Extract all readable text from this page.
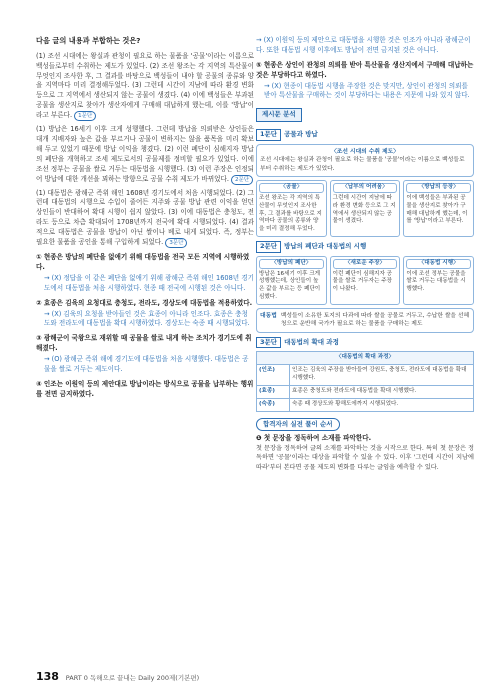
다음 글의 내용과 부합하는 것은?

(1) 조선 시대에는 왕실과 관청이 필요로 하는 물품을 '공물'이라는 이름으로 백성들로부터 수취하는 제도가 있었다. (2) 조선 왕조는 각 지역의 특산물이 무엇인지 조사한 후, 그 결과를 바탕으로 백성들이 내야 할 공물의 종류와 양을 지역마다 미리 결정해두었다. (3) 그런데 시간이 지남에 따라 환경 변화 등으로 그 지역에서 생산되지 않는 공물이 생겼다. (4) 이에 백성들은 부과된 공물을 생산지로 찾아가 생산자에게 구매해 대납하게 했는데, 이를 '방납'이라고 부른다. 1문단

(1) 방납은 16세기 이후 크게 성행했다. 그런데 방납을 의뢰받은 상인들은 대개 지배자와 높은 값을 부르거나 공물이 변하지는 않을 품목을 미리 확보해 두고 있었기 때문에 방납 이익을 챙겼다. (2) 이런 폐단이 심해지자 방납의 폐단을 개혁하고 조세 제도로서의 공물제를 정비할 필요가 있었다. 이에 조선 정부는 공물을 쌀로 거두는 대동법을 시행했다. (3) 이런 주장은 인정되어 방납에 대한 개선을 꾀하는 방향으로 공물 수취 제도가 바뀌었다. 2문단

(1) 대동법은 광해군 즉위 해인 1608년 경기도에서 처음 시행되었다. (2) 그런데 대동법의 시행으로 수입이 줄어든 지주와 공물 방납 관련 이익을 얻던 상인들이 반대하여 확대 시행이 쉽지 않았다. (3) 이에 대동법은 충청도, 전라도 등으로 차츰 확대되어 1708년까지 전국에 확대 시행되었다. (4) 결과적으로 대동법은 공물을 방납이 아닌 쌀이나 베로 내게 되었다. 즉, 정부는 필요한 물품을 공인을 통해 구입하게 되었다. 3문단

① 현종은 방납의 폐단을 없애기 위해 대동법을 전국 모든 지역에 시행하였다.
→ (X) 정답을 이 같은 폐단을 없애기 위해 광해군 즉위 해인 1608년 경기도에서 대동법을 처음 시행하였다. 현종 때 전국에 시행된 것은 아니다.
② 효종은 김육의 요청대로 충청도, 전라도, 경상도에 대동법을 적용하였다.
→ (X) 김육의 요청을 받아들인 것은 효종이 아니라 인조다. 효종은 충청도와 전라도에 대동법을 확대 시행하였다. 경상도는 숙종 때 시행되었다.
③ 광해군이 국왕으로 재위할 때 공물을 쌀로 내게 하는 조치가 경기도에 취해졌다.
→ (O) 광해군 즉위 해에 경기도에 대동법을 처음 시행했다. 대동법은 공물을 쌀로 거두는 제도이다.
④ 인조는 이원익 등의 제안대로 방납이라는 방식으로 공물을 납부하는 행위를 전면 금지하였다.
→ (X) 이원익 등의 제안으로 대동법을 시행한 것은 인조가 아니라 광해군이다. 또한 대동법 시행 이후에도 방납이 전면 금지된 것은 아니다.
⑤ 현종은 상인이 관청의 의뢰를 받아 특산물을 생산지에서 구매해 대납하는 것은 부당하다고 하였다.
→ (X) 현종이 대동법 시행을 주장한 것은 맞지만, 상인이 관청의 의뢰를 받아 특산물을 구매하는 것이 부당하다는 내용은 지문에 나와 있지 않다.
제시문 분석
1문단 공물과 방납
〈조선 시대의 수취 제도〉
조선 시대에는 왕실과 관청이 필요로 하는 물품을 '공물'이라는 이름으로 백성들로부터 수취하는 제도가 있었다.
〈공물〉
조선 왕조는 각 지역의 특산물이 무엇인지 조사한 후, 그 결과를 바탕으로 지역마다 공물의 종류와 양을 미리 결정해 두었다.
〈납부의 어려움〉
그런데 시간이 지남에 따라 환경 변화 등으로 그 지역에서 생산되지 않는 공물이 생겼다.
〈방납의 등장〉
이에 백성들은 부과된 공물을 생산지로 찾아가 구매해 대납하게 했는데, 이를 '방납'이라고 부른다.
2문단 방납의 폐단과 대동법의 시행
〈방납의 폐단〉
방납은 16세기 이후 크게 성행했는데, 상인들이 높은 값을 부르는 등 폐단이 심했다.
〈새로운 주장〉
이런 폐단이 심해지자 공물을 쌀로 거두자는 주장이 나왔다.
〈대동법 시행〉
이에 조선 정부는 공물을 쌀로 거두는 대동법을 시행했다.
대동법 백성들이 소유한 토지의 다과에 따라 쌀을 공물로 거두고, 수납한 쌀을 선혜청으로 운반해 국가가 필요로 하는 물품을 구매하는 제도
3문단 대동법의 확대 과정
〈대동법의 확대 과정〉	
(인조)	인조는 김육의 주장을 받아들여 강원도, 충청도, 전라도에 대동법을 확대 시행했다.
(효종)	효종은 충청도와 전라도에 대동법을 확대 시행했다.
(숙종)	숙종 때 경상도와 황해도에까지 시행되었다.
합격자의 실전 풀이 순서
❶ 첫 문장을 정독하여 소재를 파악한다.

첫 문장을 정독하여 글의 소재를 파악하는 것을 시작으로 한다. 특히 첫 문장은 정독하면 '공물'이라는 대상을 파악할 수 있을 수 있다. 이후 '그런데 시간이 지남에 따라'부터 본다면 공물 제도의 변화를 다루는 글임을 예측할 수 있다.

138 PART 0 독해으로 끝내는 Daily 200제(기본편)
